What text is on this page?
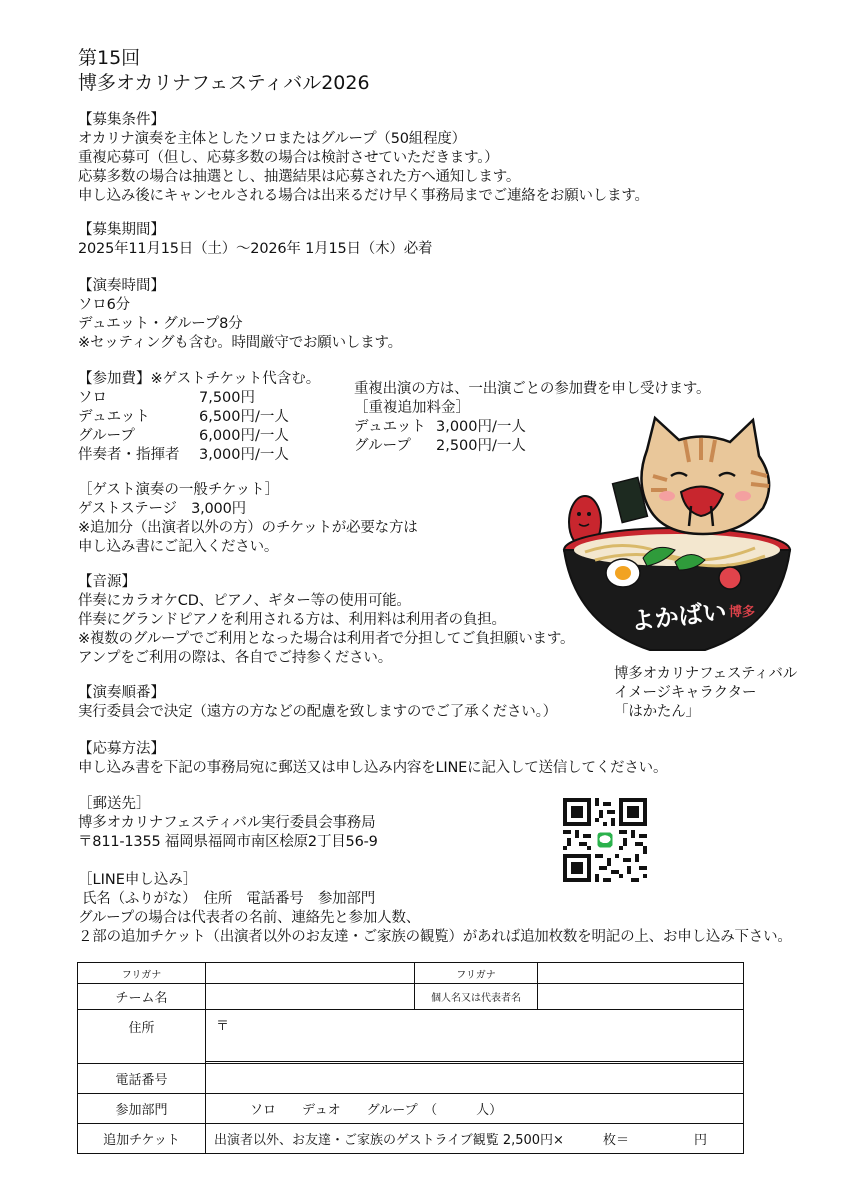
第15回
博多オカリナフェスティバル2026
【募集条件】
オカリナ演奏を主体としたソロまたはグループ（50組程度）
重複応募可（但し、応募多数の場合は検討させていただきます。）
応募多数の場合は抽選とし、抽選結果は応募された方へ通知します。
申し込み後にキャンセルされる場合は出来るだけ早く事務局までご連絡をお願いします。
【募集期間】
2025年11月15日（土）～2026年 1月15日（木）必着
【演奏時間】
ソロ6分
デュエット・グループ8分
※セッティングも含む。時間厳守でお願いします。
【参加費】※ゲストチケット代含む。
ソロ	7,500円
デュエット	6,500円/一人
グループ	6,000円/一人
伴奏者・指揮者	3,000円/一人
重複出演の方は、一出演ごとの参加費を申し受けます。
［重複追加料金］
デュエット 3,000円/一人
グループ	2,500円/一人
［ゲスト演奏の一般チケット］
ゲストステージ　3,000円
※追加分（出演者以外の方）のチケットが必要な方は
申し込み書にご記入ください。
【音源】
伴奏にカラオケCD、ピアノ、ギター等の使用可能。
伴奏にグランドピアノを利用される方は、利用料は利用者の負担。
※複数のグループでご利用となった場合は利用者で分担してご負担願います。
アンプをご利用の際は、各自でご持参ください。
【演奏順番】
実行委員会で決定（遠方の方などの配慮を致しますのでご了承ください。）
【応募方法】
申し込み書を下記の事務局宛に郵送又は申し込み内容をLINEに記入して送信してください。
［郵送先］
博多オカリナフェスティバル実行委員会事務局
〒811-1355 福岡県福岡市南区桧原2丁目56-9
［LINE申し込み］
氏名（ふりがな）　住所　電話番号　参加部門
グループの場合は代表者の名前、連絡先と参加人数、
２部の追加チケット（出演者以外のお友達・ご家族の観覧）があれば追加枚数を明記の上、お申し込み下さい。
よかばい 博多
博多オカリナフェスティバル
イメージキャラクター
「はかたん」
フリガナ	フリガナ
チーム名	個人名又は代表者名
住所	〒
電話番号
参加部門	ソロ　　デュオ　　グループ　（　　　人）
追加チケット	出演者以外、お友達・ご家族のゲストライブ観覧 2,500円×　　　枚＝　　　　　円
